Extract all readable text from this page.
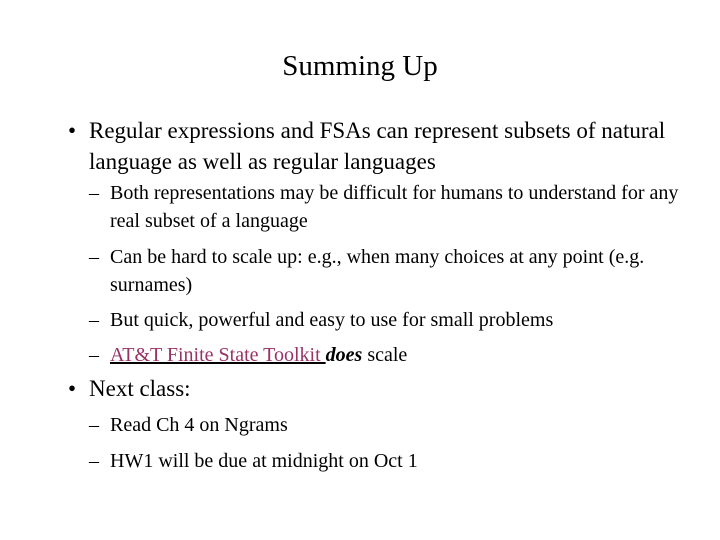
Summing Up
• Regular expressions and FSAs can represent subsets of natural language as well as regular languages
– Both representations may be difficult for humans to understand for any real subset of a language
– Can be hard to scale up: e.g., when many choices at any point (e.g. surnames)
– But quick, powerful and easy to use for small problems
– AT&T Finite State Toolkit does scale
• Next class:
– Read Ch 4 on Ngrams
– HW1 will be due at midnight on Oct 1
